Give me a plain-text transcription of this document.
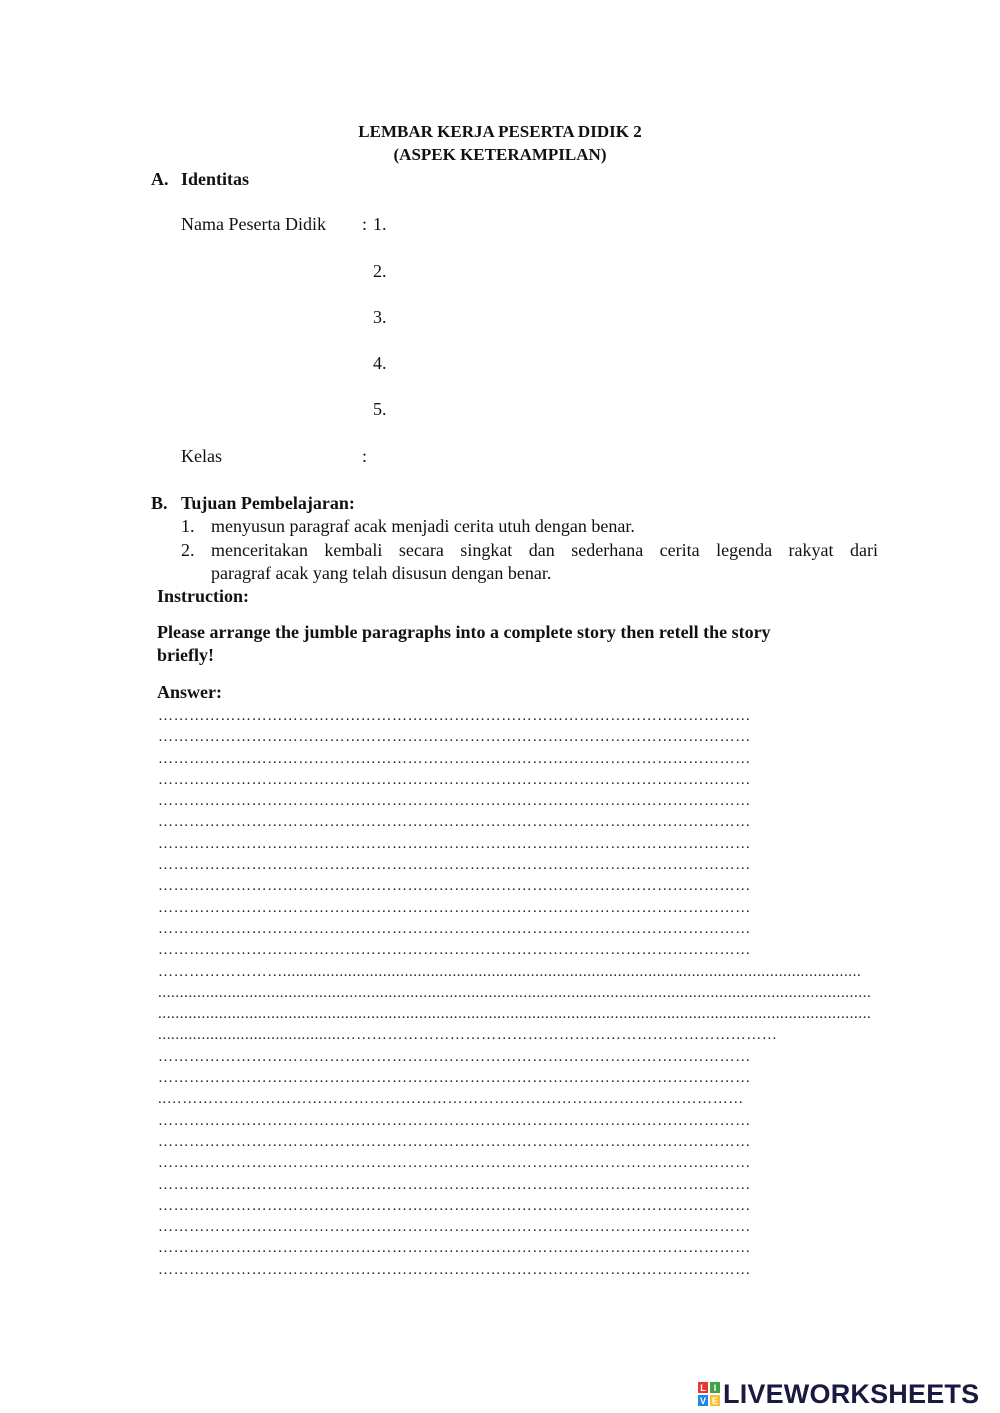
LEMBAR KERJA PESERTA DIDIK 2
(ASPEK KETERAMPILAN)
A. Identitas
Nama Peserta Didik : 1.
2.
3.
4.
5.
Kelas	:
B. Tujuan Pembelajaran:
1. menyusun paragraf acak menjadi cerita utuh dengan benar.
2. menceritakan kembali secara singkat dan sederhana cerita legenda rakyat dari
paragraf acak yang telah disusun dengan benar.
Instruction:
Please arrange the jumble paragraphs into a complete story then retell the story
briefly!
Answer:
……………………………………………………………………………………………………
……………………………………………………………………………………………………
……………………………………………………………………………………………………
……………………………………………………………………………………………………
……………………………………………………………………………………………………
……………………………………………………………………………………………………
……………………………………………………………………………………………………
……………………………………………………………………………………………………
……………………………………………………………………………………………………
……………………………………………………………………………………………………
……………………………………………………………………………………………………
……………………………………………………………………………………………………
…………………….....................................................................................................................................
....................................................................................................................................................................
....................................................................................................................................................................
..........................................…………………………………………………………………………
……………………………………………………………………………………………………
……………………………………………………………………………………………………
..…………………………………………………………………………………………………
……………………………………………………………………………………………………
……………………………………………………………………………………………………
……………………………………………………………………………………………………
……………………………………………………………………………………………………
……………………………………………………………………………………………………
……………………………………………………………………………………………………
……………………………………………………………………………………………………
……………………………………………………………………………………………………
L I
V E LIVEWORKSHEETS
